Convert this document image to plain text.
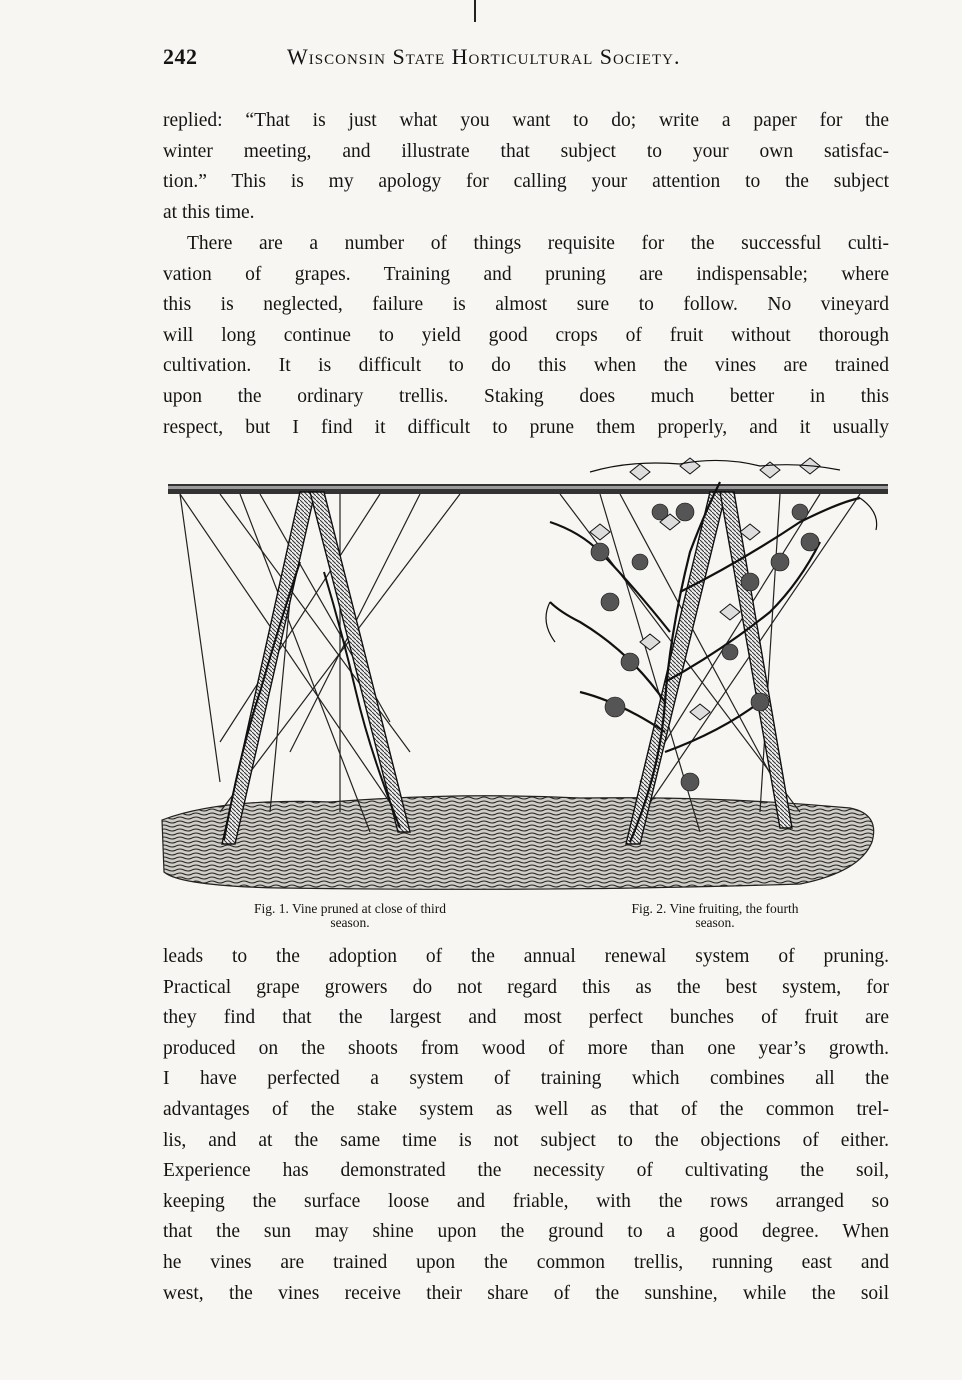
242	Wisconsin State Horticultural Society.
replied: “That is just what you want to do; write a paper for the
winter meeting, and illustrate that subject to your own satisfac-
tion.” This is my apology for calling your attention to the subject
at this time.
There are a number of things requisite for the successful culti-
vation of grapes. Training and pruning are indispensable; where
this is neglected, failure is almost sure to follow. No vineyard
will long continue to yield good crops of fruit without thorough
cultivation. It is difficult to do this when the vines are trained
upon the ordinary trellis. Staking does much better in this
respect, but I find it difficult to prune them properly, and it usually
Fig. 1. Vine pruned at close of third
season.
Fig. 2. Vine fruiting, the fourth
season.
leads to the adoption of the annual renewal system of pruning.
Practical grape growers do not regard this as the best system, for
they find that the largest and most perfect bunches of fruit are
produced on the shoots from wood of more than one year’s growth.
I have perfected a system of training which combines all the
advantages of the stake system as well as that of the common trel-
lis, and at the same time is not subject to the objections of either.
Experience has demonstrated the necessity of cultivating the soil,
keeping the surface loose and friable, with the rows arranged so
that the sun may shine upon the ground to a good degree. When
he vines are trained upon the common trellis, running east and
west, the vines receive their share of the sunshine, while the soil
